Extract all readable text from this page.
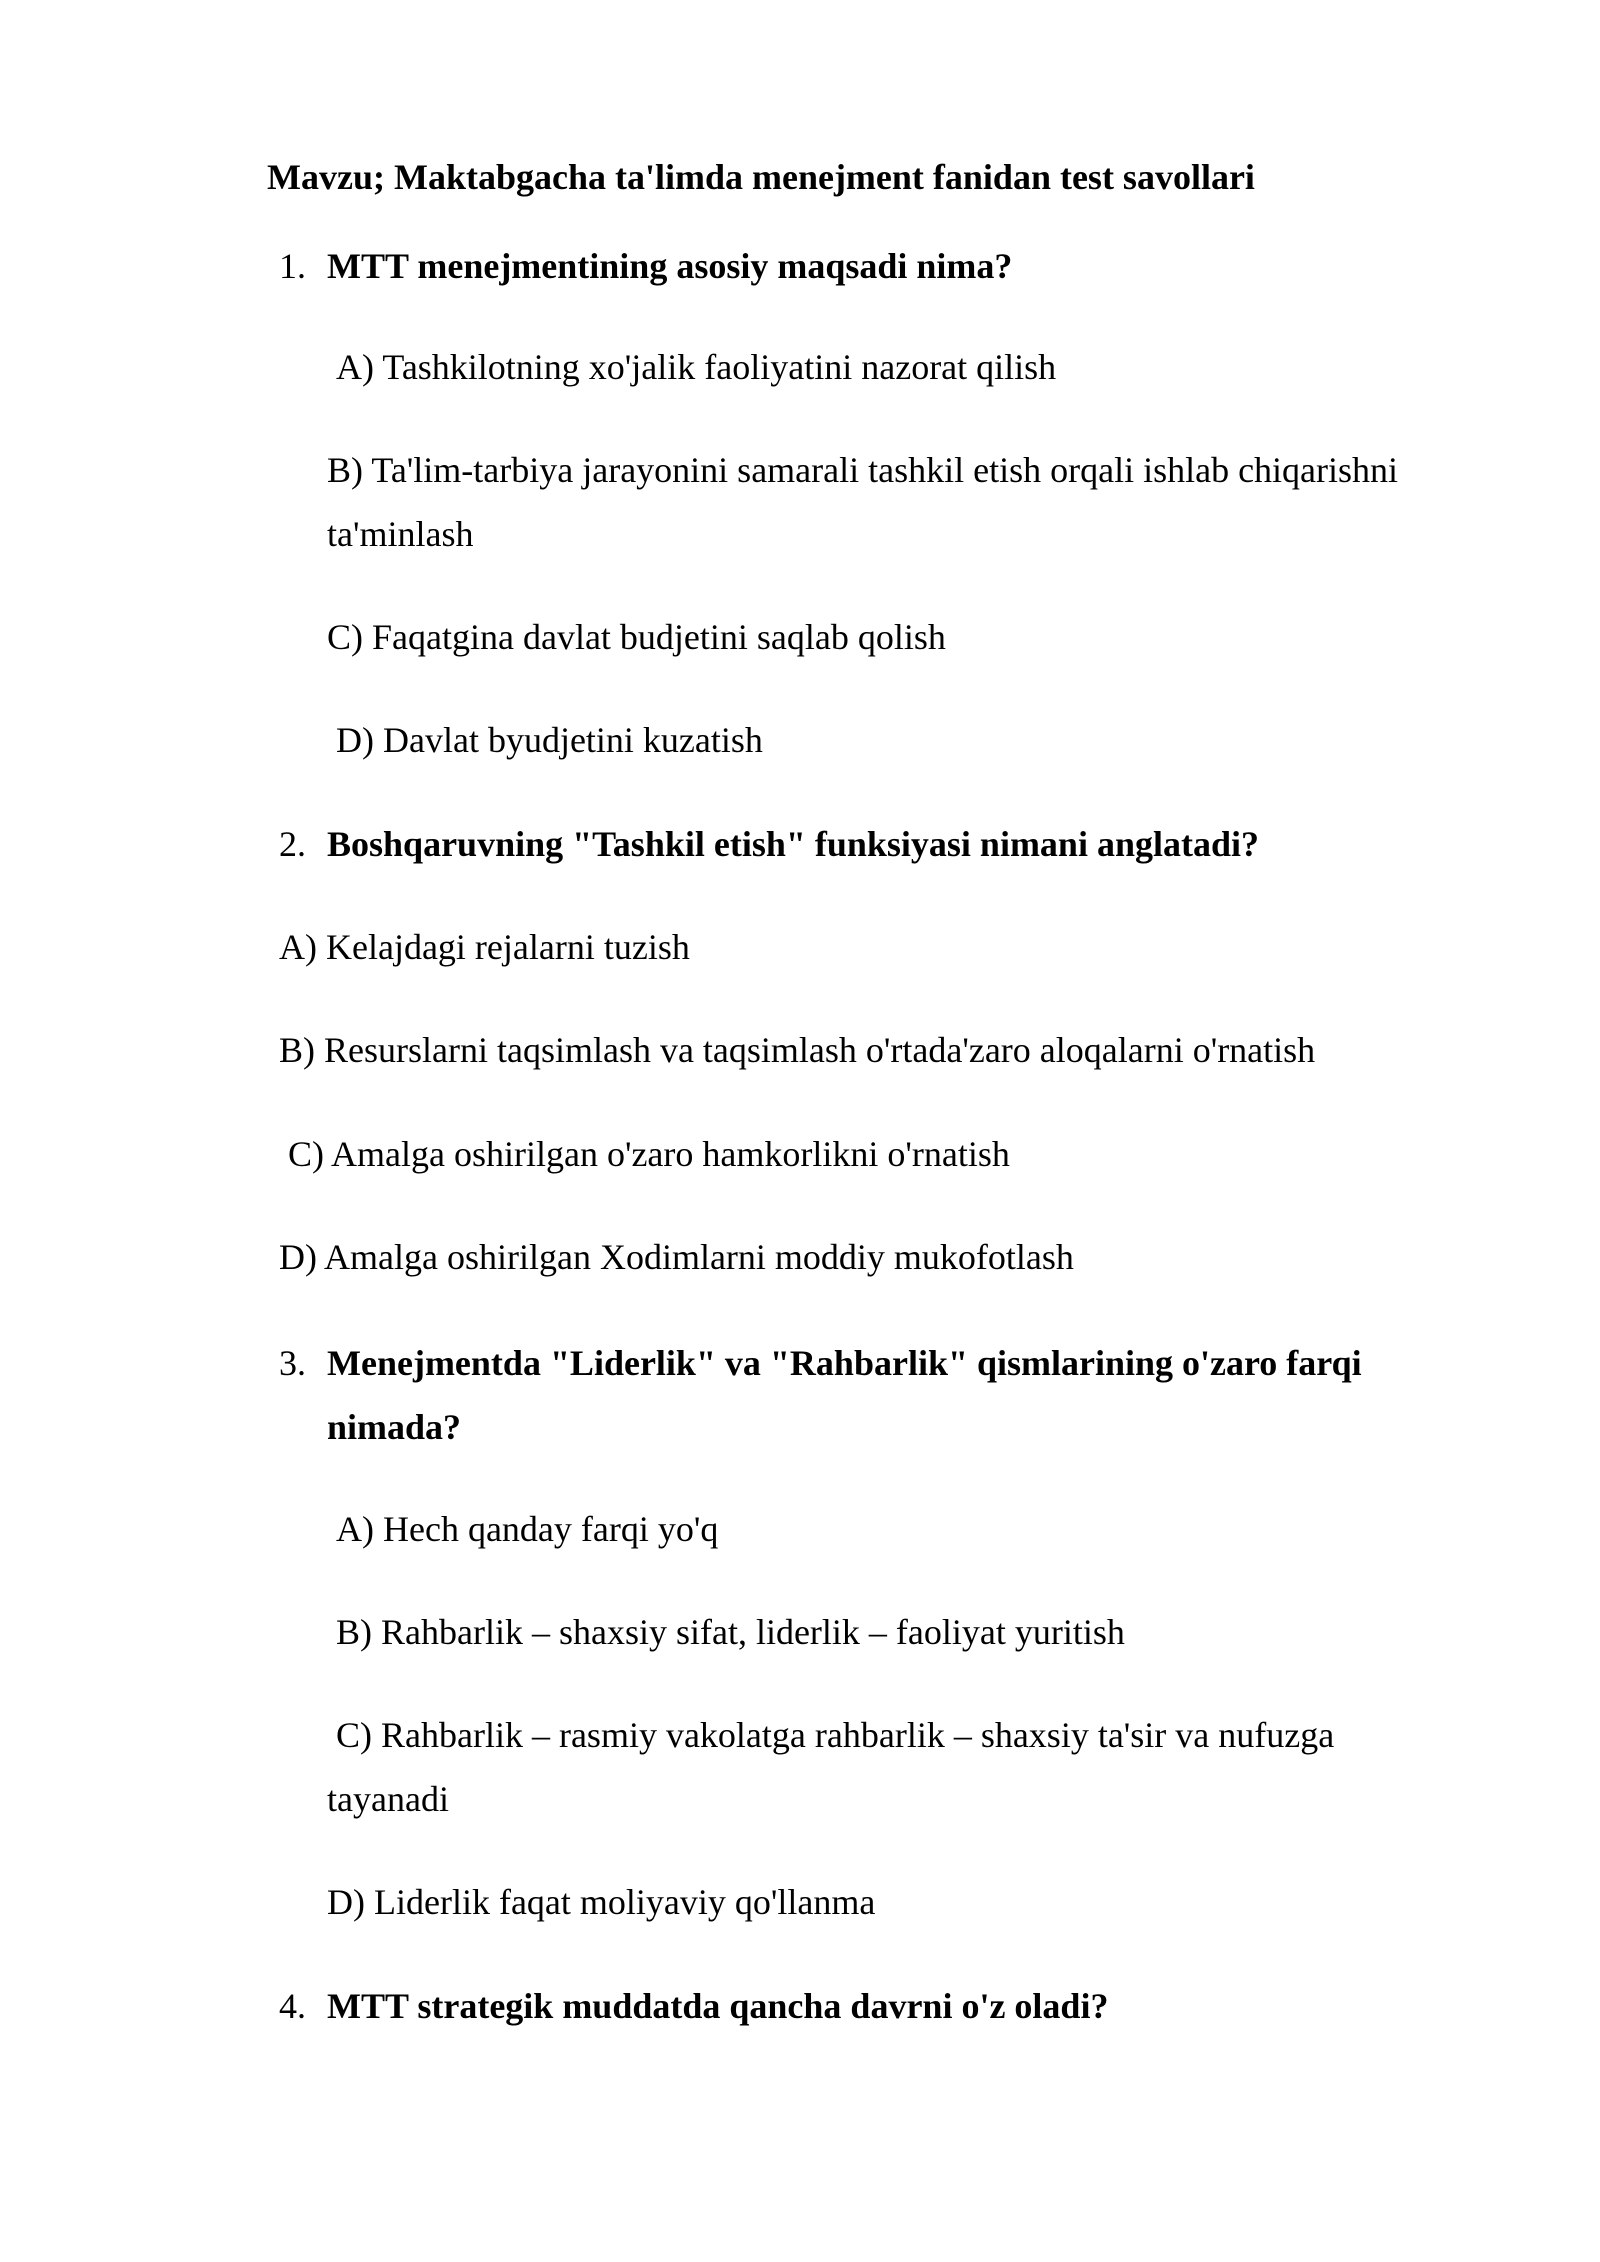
Mavzu; Maktabgacha ta'limda menejment fanidan test savollari
1. MTT menejmentining asosiy maqsadi nima?
A) Tashkilotning xo'jalik faoliyatini nazorat qilish
B) Ta'lim-tarbiya jarayonini samarali tashkil etish orqali ishlab chiqarishni
ta'minlash
C) Faqatgina davlat budjetini saqlab qolish
D) Davlat byudjetini kuzatish
2. Boshqaruvning "Tashkil etish" funksiyasi nimani anglatadi?
A) Kelajdagi rejalarni tuzish
B) Resurslarni taqsimlash va taqsimlash o'rtada'zaro aloqalarni o'rnatish
C) Amalga oshirilgan o'zaro hamkorlikni o'rnatish
D) Amalga oshirilgan Xodimlarni moddiy mukofotlash
3. Menejmentda "Liderlik" va "Rahbarlik" qismlarining o'zaro farqi
nimada?
A) Hech qanday farqi yo'q
B) Rahbarlik – shaxsiy sifat, liderlik – faoliyat yuritish
C) Rahbarlik – rasmiy vakolatga rahbarlik – shaxsiy ta'sir va nufuzga
tayanadi
D) Liderlik faqat moliyaviy qo'llanma
4. MTT strategik muddatda qancha davrni o'z oladi?
